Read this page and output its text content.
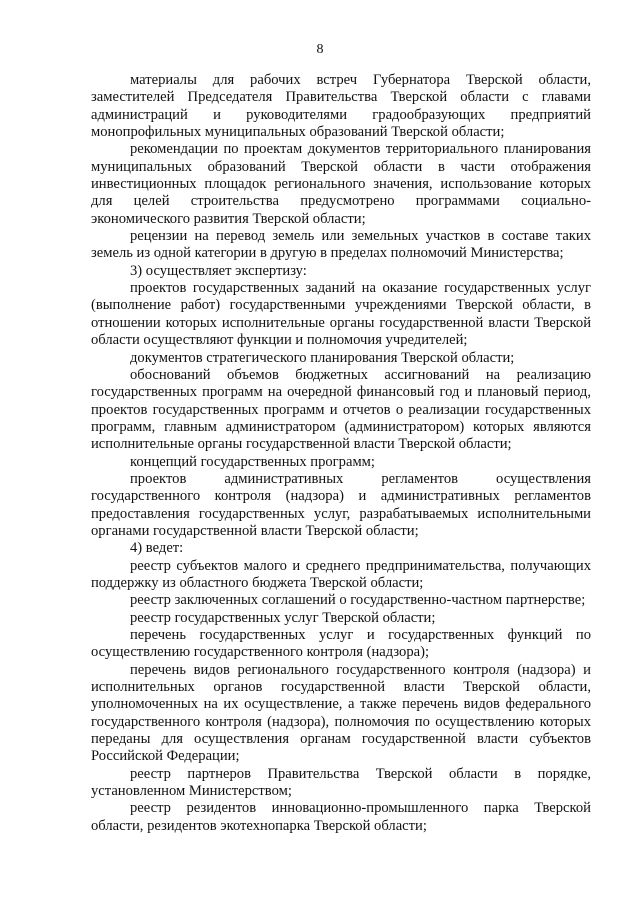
8

материалы для рабочих встреч Губернатора Тверской области, заместителей Председателя Правительства Тверской области с главами администраций и руководителями градообразующих предприятий монопрофильных муниципальных образований Тверской области;

рекомендации по проектам документов территориального планирования муниципальных образований Тверской области в части отображения инвестиционных площадок регионального значения, использование которых для целей строительства предусмотрено программами социально-экономического развития Тверской области;

рецензии на перевод земель или земельных участков в составе таких земель из одной категории в другую в пределах полномочий Министерства;

3) осуществляет экспертизу:

проектов государственных заданий на оказание государственных услуг (выполнение работ) государственными учреждениями Тверской области, в отношении которых исполнительные органы государственной власти Тверской области осуществляют функции и полномочия учредителей;

документов стратегического планирования Тверской области;

обоснований объемов бюджетных ассигнований на реализацию государственных программ на очередной финансовый год и плановый период, проектов государственных программ и отчетов о реализации государственных программ, главным администратором (администратором) которых являются исполнительные органы государственной власти Тверской области;

концепций государственных программ;

проектов административных регламентов осуществления государственного контроля (надзора) и административных регламентов предоставления государственных услуг, разрабатываемых исполнительными органами государственной власти Тверской области;

4) ведет:

реестр субъектов малого и среднего предпринимательства, получающих поддержку из областного бюджета Тверской области;

реестр заключенных соглашений о государственно-частном партнерстве;

реестр государственных услуг Тверской области;

перечень государственных услуг и государственных функций по осуществлению государственного контроля (надзора);

перечень видов регионального государственного контроля (надзора) и исполнительных органов государственной власти Тверской области, уполномоченных на их осуществление, а также перечень видов федерального государственного контроля (надзора), полномочия по осуществлению которых переданы для осуществления органам государственной власти субъектов Российской Федерации;

реестр партнеров Правительства Тверской области в порядке, установленном Министерством;

реестр резидентов инновационно-промышленного парка Тверской области, резидентов экотехнопарка Тверской области;
